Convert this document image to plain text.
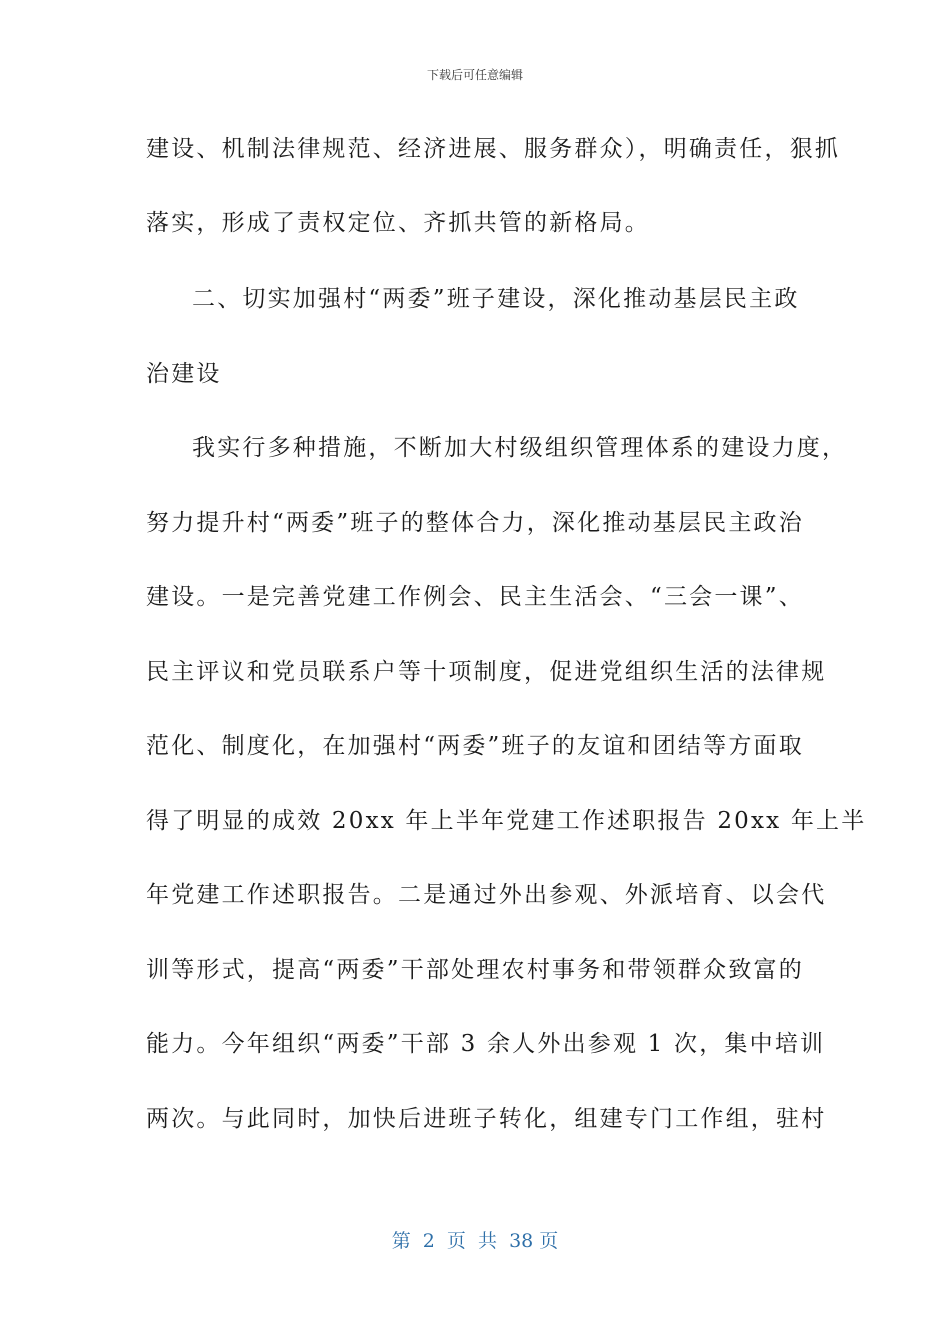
下载后可任意编辑
建设、机制法律规范、经济进展、服务群众），明确责任，狠抓
落实，形成了责权定位、齐抓共管的新格局。
二、切实加强村“两委”班子建设，深化推动基层民主政
治建设
我实行多种措施，不断加大村级组织管理体系的建设力度，
努力提升村“两委”班子的整体合力，深化推动基层民主政治
建设。一是完善党建工作例会、民主生活会、“三会一课”、
民主评议和党员联系户等十项制度，促进党组织生活的法律规
范化、制度化，在加强村“两委”班子的友谊和团结等方面取
得了明显的成效 20xx 年上半年党建工作述职报告 20xx 年上半
年党建工作述职报告。二是通过外出参观、外派培育、以会代
训等形式，提高“两委”干部处理农村事务和带领群众致富的
能力。今年组织“两委”干部 3 余人外出参观 1 次，集中培训
两次。与此同时，加快后进班子转化，组建专门工作组，驻村
第  2  页  共  38 页
